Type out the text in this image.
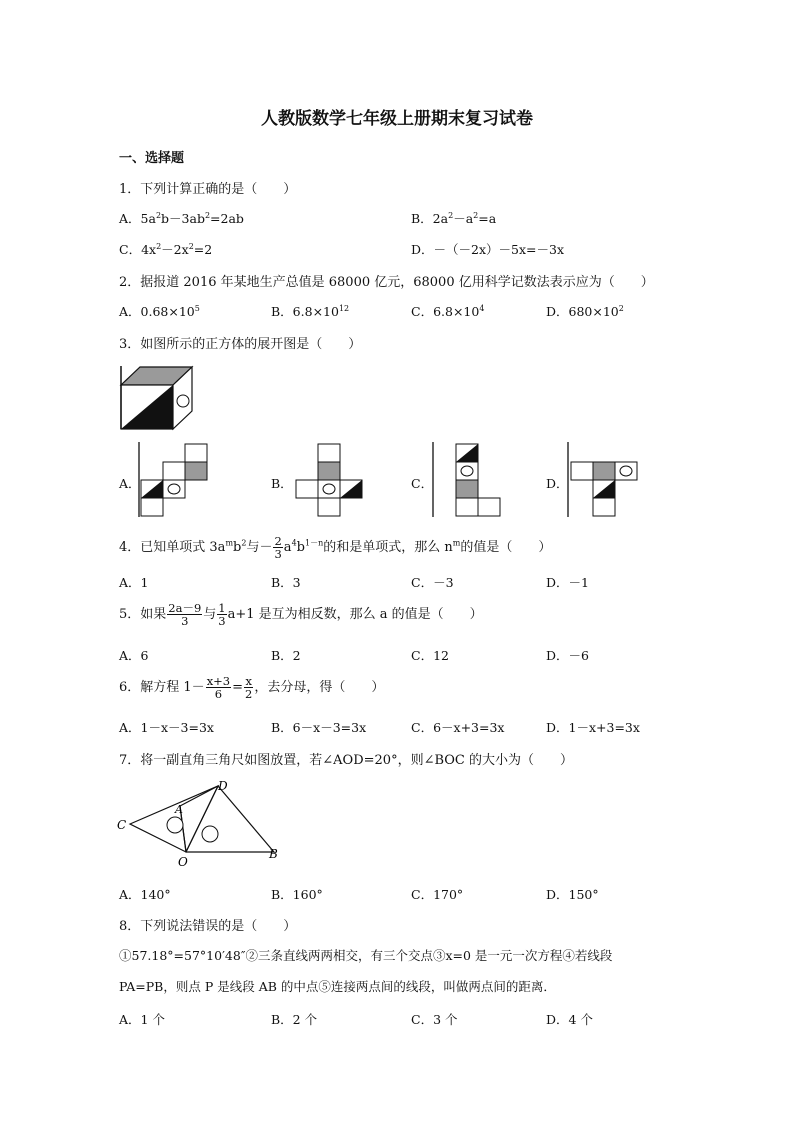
人教版数学七年级上册期末复习试卷
一、选择题
1．下列计算正确的是（　　）
A．$5a^2b-3ab^2=2ab$	B．$2a^2-a^2=a$
C．$4x^2-2x^2=2$	D．－（－2x）－5x=－3x
2．据报道 2016 年某地生产总值是 68000 亿元，68000 亿用科学记数法表示应为（　　）
A．$0.68\times 10^5$	B．$6.8\times 10^{12}$	C．$6.8\times 10^4$	D．$680\times 10^2$
3．如图所示的正方体的展开图是（　　）
A．	B．	C．	D．
4．已知单项式 $3a^mb^2$与－ $\frac{2}{3} a^4b^{1-n}$的和是单项式，那么 $n^m$的值是（　　）
A．1	B．3	C．－3	D．－1
5．如果 $\frac{2a-9}{3}$ 与 $\frac{1}{3} a+1$ 是互为相反数，那么 a 的值是（　　）
A．6	B．2	C．12	D．－6
6．解方程 $1- \frac{x+3}{6} = \frac{x}{2}$ ，去分母，得（　　）
A．1－x－3=3x	B．6－x－3=3x	C．6－x+3=3x	D．1－x+3=3x
7．将一副直角三角尺如图放置，若∠AOD=20°，则∠BOC 的大小为（　　）
C
D
A
O
B
A．140°	B．160°	C．170°	D．150°
8．下列说法错误的是（　　）
①57.18°=57°10′48″②三条直线两两相交，有三个交点③x=0 是一元一次方程④若线段
PA=PB，则点 P 是线段 AB 的中点⑤连接两点间的线段，叫做两点间的距离．
A．1 个	B．2 个	C．3 个	D．4 个
